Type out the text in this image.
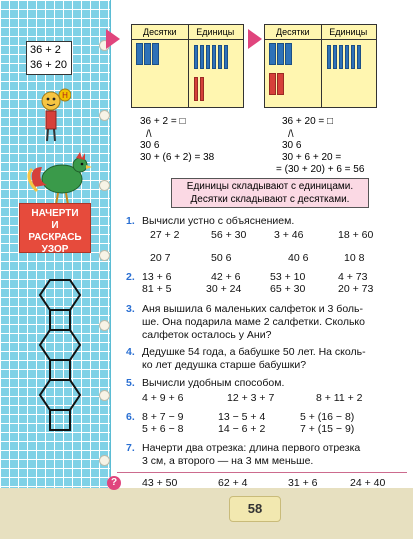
36 + 2
36 + 20
Н
НАЧЕРТИ
И
РАСКРАСЬ
УЗОР
Десятки	Единицы	Десятки	Единицы
36 + 2 = □
/\
30 6
30 + (6 + 2) = 38
36 + 20 = □
/\
30 6
30 + 6 + 20 =
= (30 + 20) + 6 = 56
Единицы складывают с единицами.
Десятки складывают с десятками.
1. Вычисли устно с объяснением.
27 + 2	56 + 30	3 + 46	18 + 60
20 7	50 6	40 6	10 8
2. 13 + 6	42 + 6	53 + 10	4 + 73
81 + 5	30 + 24	65 + 30	20 + 73
3. Аня вышила 6 маленьких салфеток и 3 боль-
ше. Она подарила маме 2 салфетки. Сколько
салфеток осталось у Ани?
4. Дедушке 54 года, а бабушке 50 лет. На сколь-
ко лет дедушка старше бабушки?
5. Вычисли удобным способом.
4 + 9 + 6	12 + 3 + 7	8 + 11 + 2
6. 8 + 7 − 9	13 − 5 + 4	5 + (16 − 8)
5 + 6 − 8	14 − 6 + 2	7 + (15 − 9)
7. Начерти два отрезка: длина первого отрезка
3 см, а второго — на 3 мм меньше.
?	43 + 50	62 + 4	31 + 6	24 + 40
58
